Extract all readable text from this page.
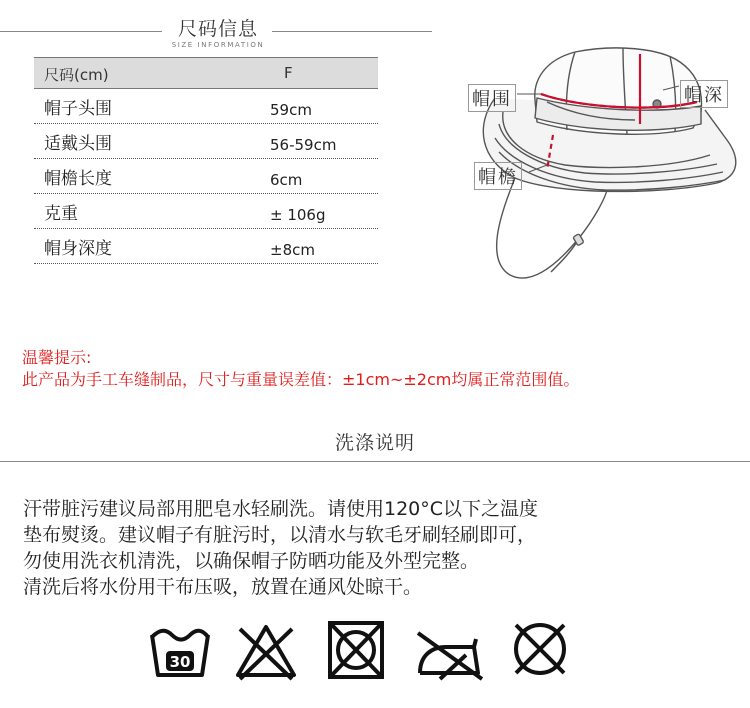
尺码信息
SIZE INFORMATION
尺码(cm)	F
帽子头围	59cm
适戴头围	56-59cm
帽檐长度	6cm
克重	± 106g
帽身深度	±8cm
帽围	帽深
帽檐
温馨提示:
此产品为手工车缝制品，尺寸与重量误差值：±1cm~±2cm均属正常范围值。
洗涤说明
汗带脏污建议局部用肥皂水轻刷洗。请使用120°C以下之温度
垫布熨烫。建议帽子有脏污时，以清水与软毛牙刷轻刷即可，
勿使用洗衣机清洗，以确保帽子防晒功能及外型完整。
清洗后将水份用干布压吸，放置在通风处晾干。
30
